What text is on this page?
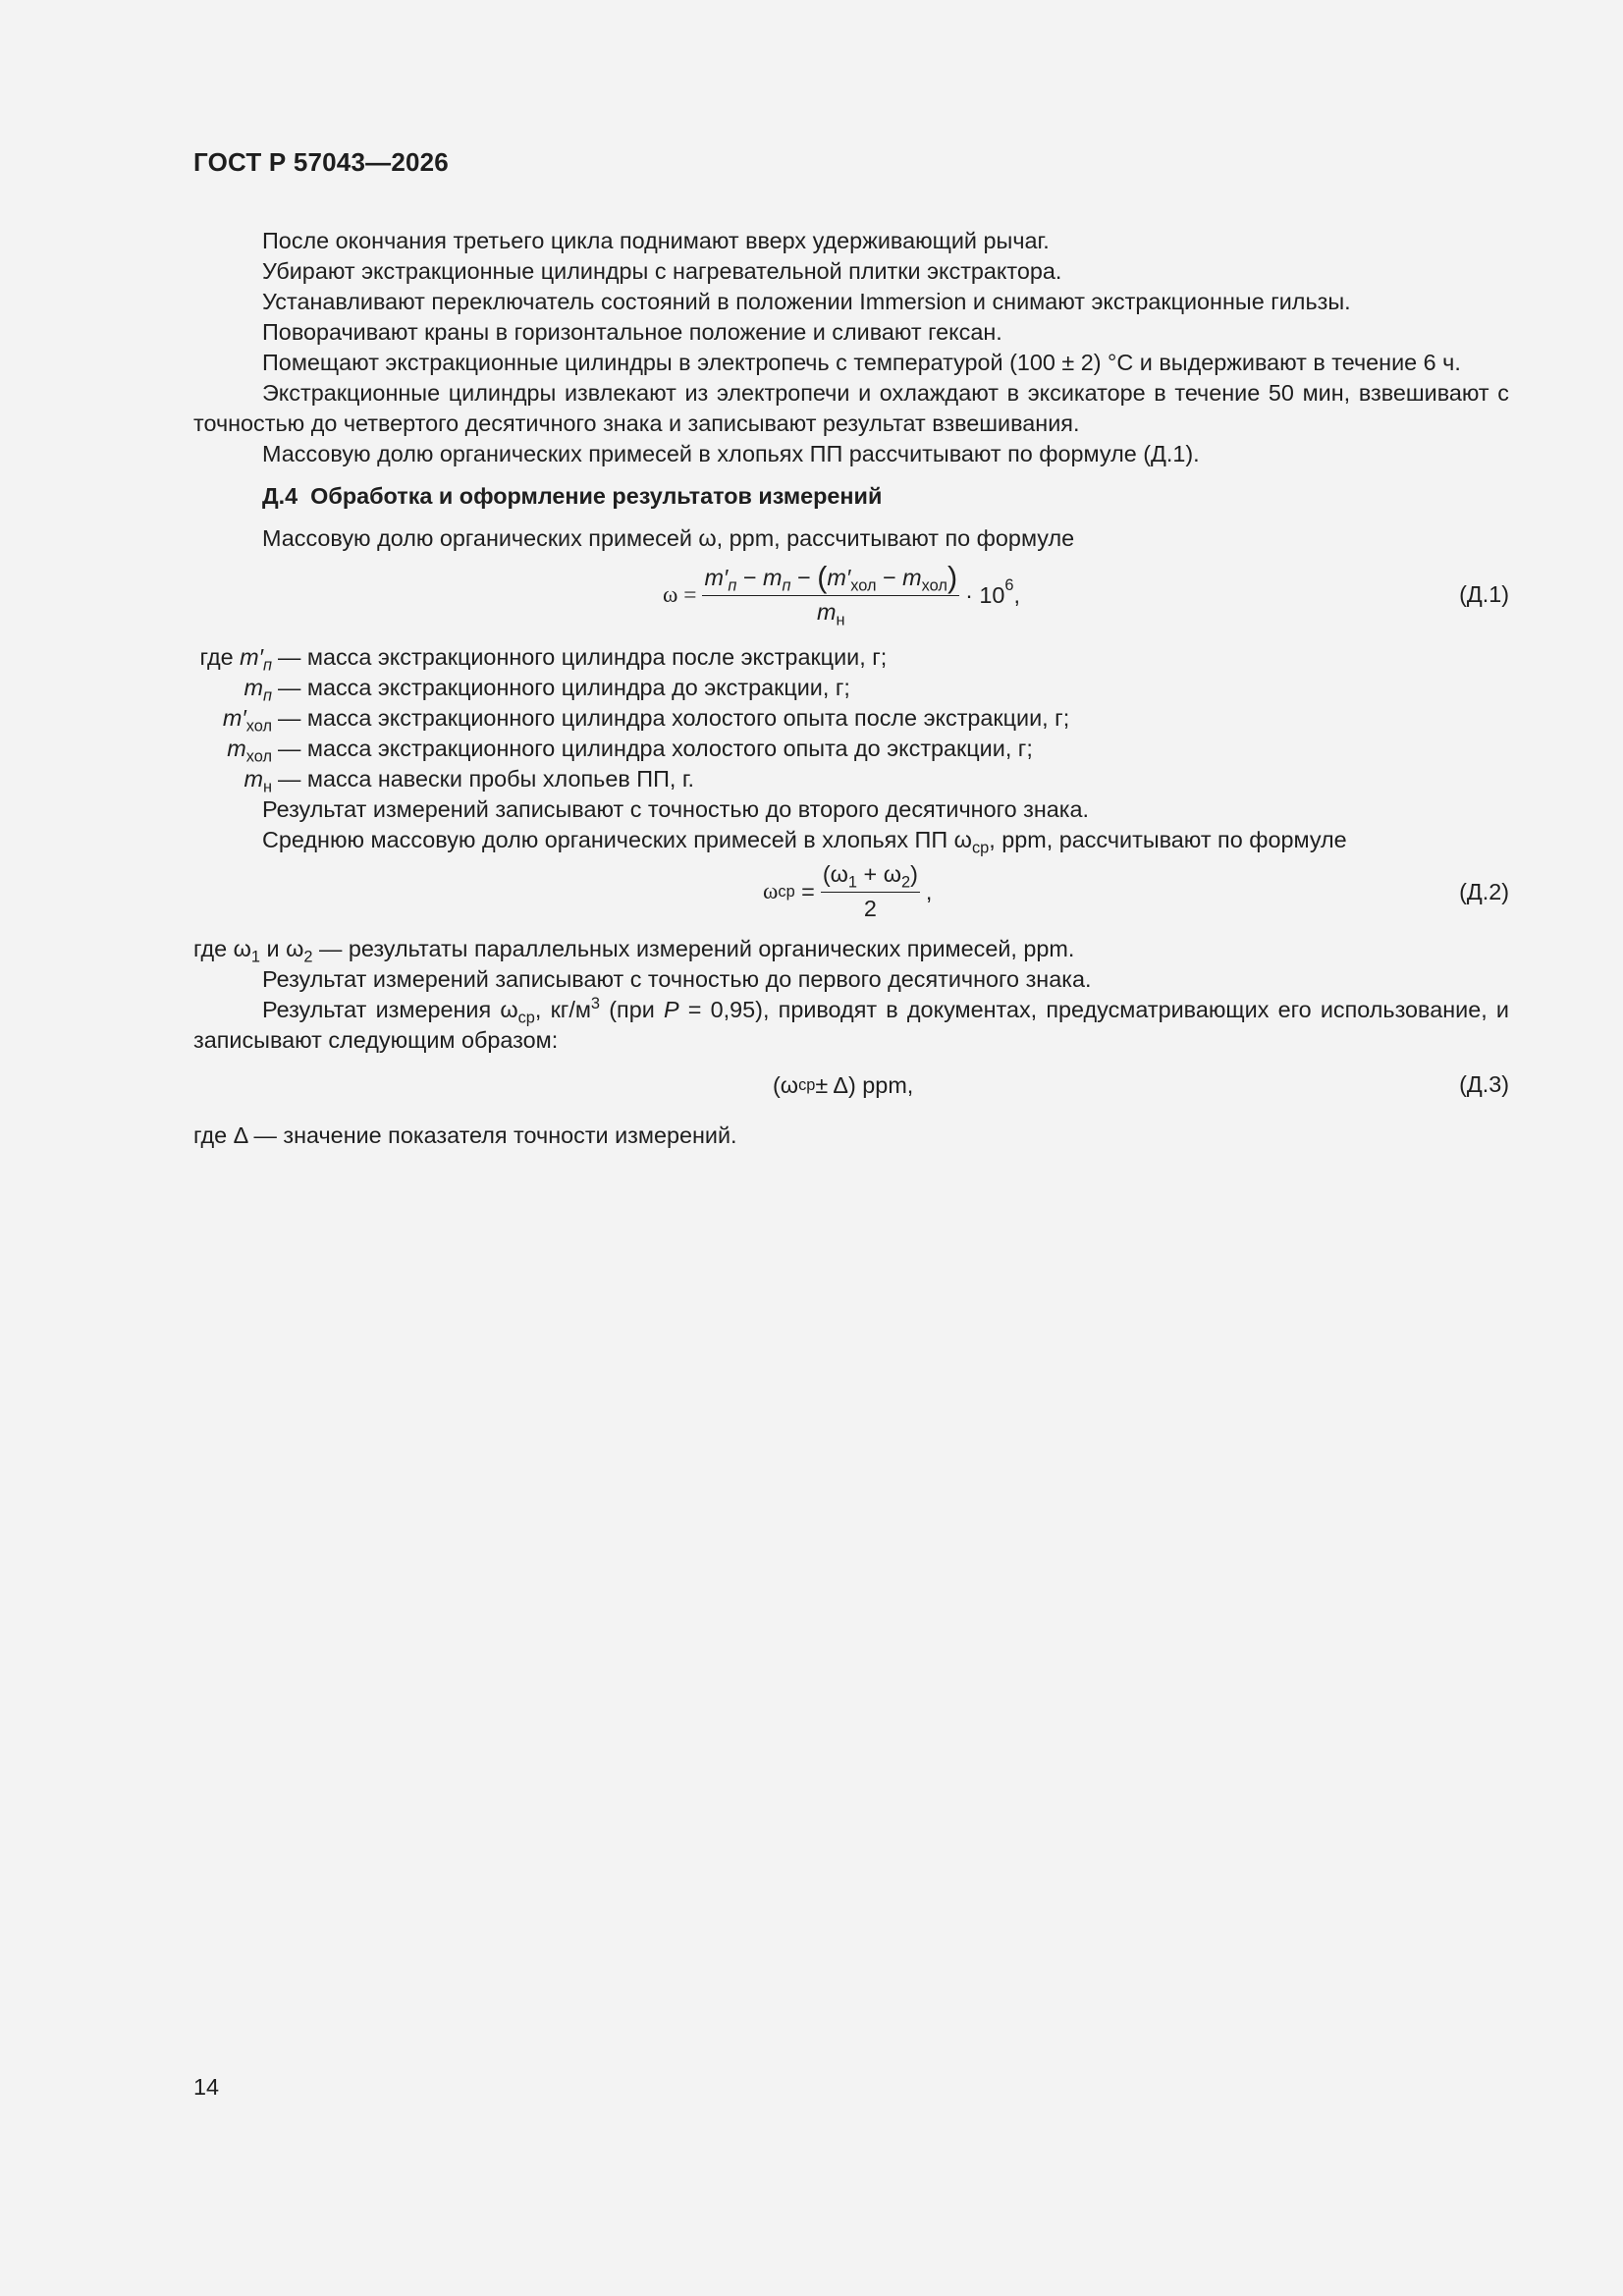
ГОСТ Р 57043—2026

После окончания третьего цикла поднимают вверх удерживающий рычаг.

Убирают экстракционные цилиндры с нагревательной плитки экстрактора.

Устанавливают переключатель состояний в положении Immersion и снимают экстракционные гильзы.

Поворачивают краны в горизонтальное положение и сливают гексан.

Помещают экстракционные цилиндры в электропечь с температурой (100 ± 2) °С и выдерживают в течение 6 ч.

Экстракционные цилиндры извлекают из электропечи и охлаждают в эксикаторе в течение 50 мин, взвешивают с точностью до четвертого десятичного знака и записывают результат взвешивания.

Массовую долю органических примесей в хлопьях ПП рассчитывают по формуле (Д.1).

Д.4 Обработка и оформление результатов измерений

Массовую долю органических примесей ω, ppm, рассчитывают по формуле

$\omega = \frac{m'_п - m_п - (m'_{хол} - m_{хол})}{m_н} \cdot 10^6$ ,	(Д.1)
где $m'_п$ — масса экстракционного цилиндра после экстракции, г;
$m_п$ — масса экстракционного цилиндра до экстракции, г;
$m'_{хол}$ — масса экстракционного цилиндра холостого опыта после экстракции, г;
$m_{хол}$ — масса экстракционного цилиндра холостого опыта до экстракции, г;
$m_н$ — масса навески пробы хлопьев ПП, г.

Результат измерений записывают с точностью до второго десятичного знака.

Среднюю массовую долю органических примесей в хлопьях ПП $\omega_{ср}$, ppm, рассчитывают по формуле

ω ср = $\frac{(\omega_1 + \omega_2)}{2}$ ,	(Д.2)

где $\omega_1$ и $\omega_2$ — результаты параллельных измерений органических примесей, ppm.

Результат измерений записывают с точностью до первого десятичного знака.

Результат измерения $\omega_{ср}$, $кг/м^3$ (при P = 0,95), приводят в документах, предусматривающих его использование, и записывают следующим образом:

(ω ср ± Δ) ppm,	(Д.3)

где Δ — значение показателя точности измерений.

14
